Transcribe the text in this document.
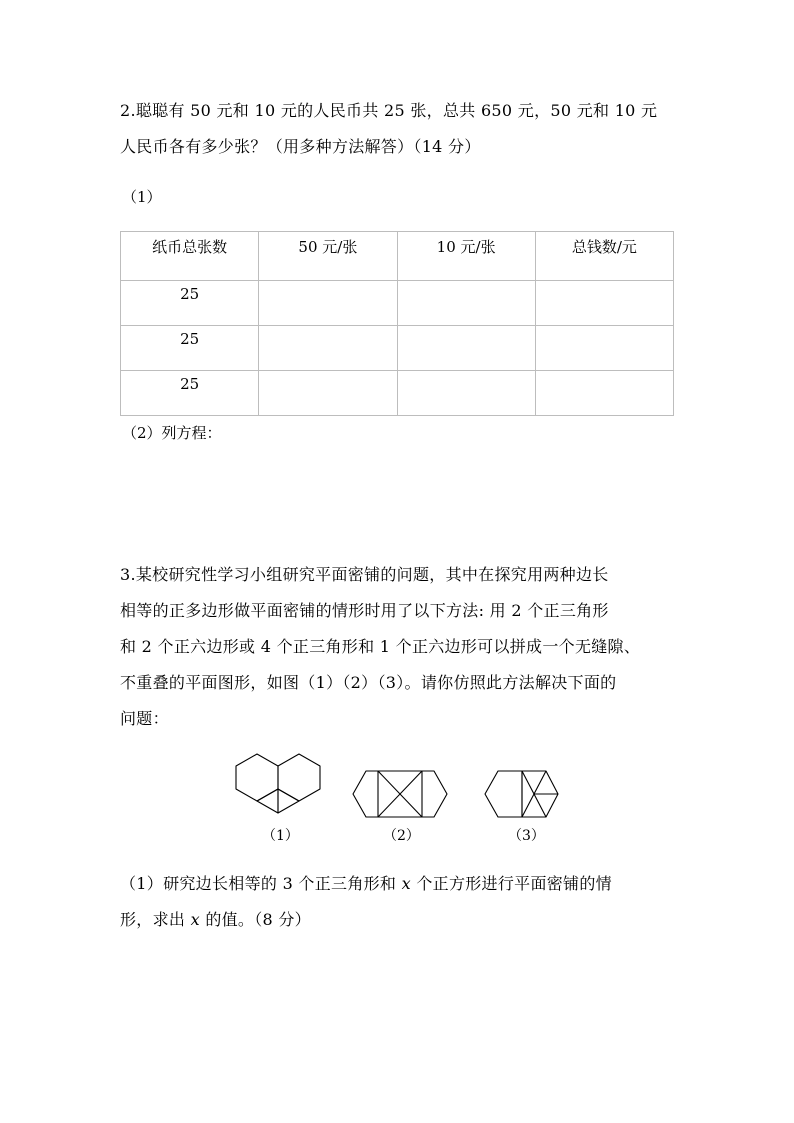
2.聪聪有 50 元和 10 元的人民币共 25 张，总共 650 元，50 元和 10 元
人民币各有多少张？（用多种方法解答）（14 分）
（1）
纸币总张数	50 元/张	10 元/张	总钱数/元
25			
25			
25			
（2）列方程：
3.某校研究性学习小组研究平面密铺的问题，其中在探究用两种边长
相等的正多边形做平面密铺的情形时用了以下方法: 用 2 个正三角形
和 2 个正六边形或 4 个正三角形和 1 个正六边形可以拼成一个无缝隙、
不重叠的平面图形，如图（1）（2）（3）。请你仿照此方法解决下面的
问题：
（1）	（2）	（3）
（1）研究边长相等的 3 个正三角形和 x 个正方形进行平面密铺的情
形，求出 x 的值。（8 分）
